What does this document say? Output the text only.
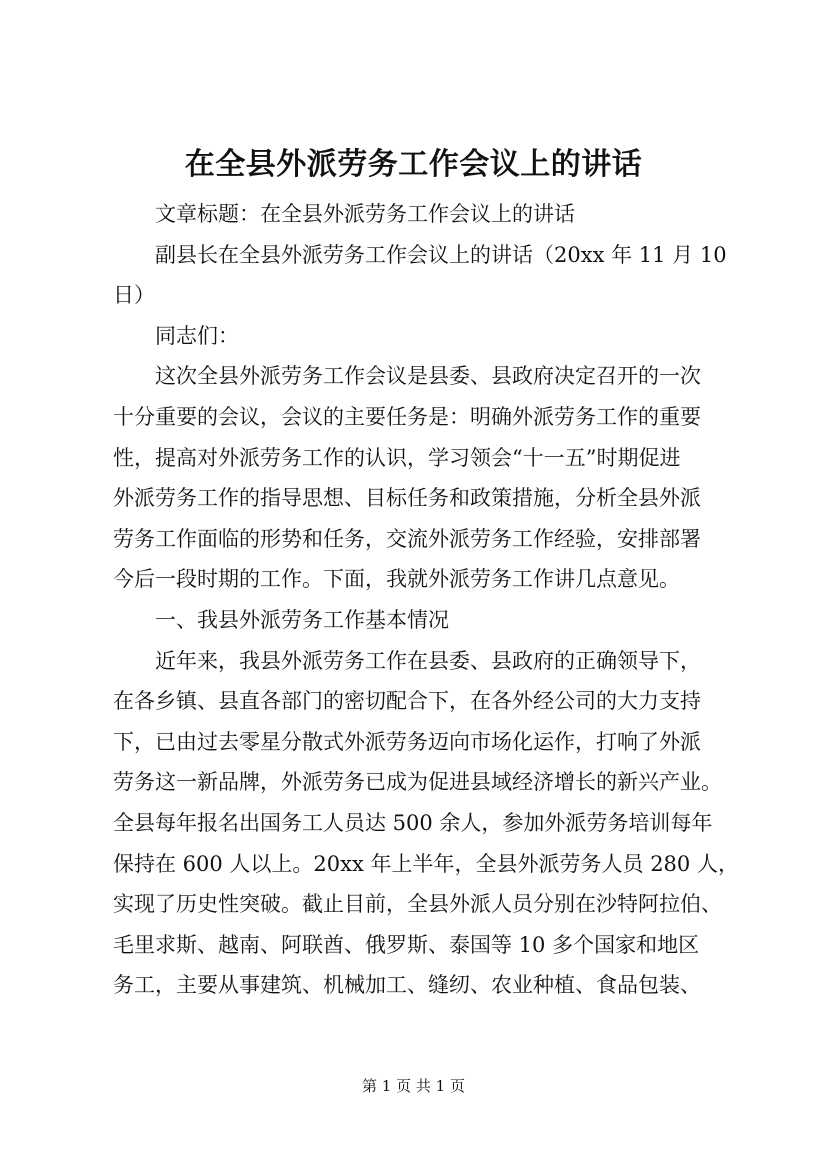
在全县外派劳务工作会议上的讲话
文章标题：在全县外派劳务工作会议上的讲话
副县长在全县外派劳务工作会议上的讲话（20xx 年 11 月 10
日）
同志们：
这次全县外派劳务工作会议是县委、县政府决定召开的一次
十分重要的会议，会议的主要任务是：明确外派劳务工作的重要
性，提高对外派劳务工作的认识，学习领会“十一五”时期促进
外派劳务工作的指导思想、目标任务和政策措施，分析全县外派
劳务工作面临的形势和任务，交流外派劳务工作经验，安排部署
今后一段时期的工作。下面，我就外派劳务工作讲几点意见。
一、我县外派劳务工作基本情况
近年来，我县外派劳务工作在县委、县政府的正确领导下，
在各乡镇、县直各部门的密切配合下，在各外经公司的大力支持
下，已由过去零星分散式外派劳务迈向市场化运作，打响了外派
劳务这一新品牌，外派劳务已成为促进县域经济增长的新兴产业。
全县每年报名出国务工人员达 500 余人，参加外派劳务培训每年
保持在 600 人以上。20xx 年上半年，全县外派劳务人员 280 人，
实现了历史性突破。截止目前，全县外派人员分别在沙特阿拉伯、
毛里求斯、越南、阿联酋、俄罗斯、泰国等 10 多个国家和地区
务工，主要从事建筑、机械加工、缝纫、农业种植、食品包装、
第 1 页 共 1 页
